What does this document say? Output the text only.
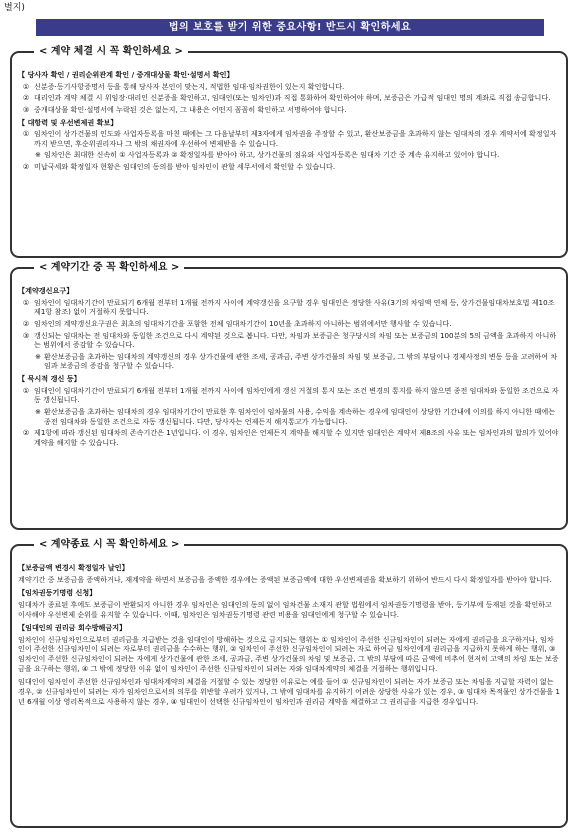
별지)
법의 보호를 받기 위한 중요사항! 반드시 확인하세요
< 계약 체결 시 꼭 확인하세요 >
【 당사자 확인 / 권리순위관계 확인 / 중개대상물 확인·설명서 확인】
① 신분증·등기사항증명서 등을 통해 당사자 본인이 맞는지, 적법한 임대·임차권한이 있는지 확인합니다.
② 대리인과 계약 체결 시 위임장·대리인 신분증을 확인하고, 임대인(또는 임차인)과 직접 통화하여 확인하여야 하며, 보증금은 가급적 임대인 명의 계좌로 직접 송금합니다.
③ 중개대상물 확인·설명서에 누락된 것은 없는지, 그 내용은 어떤지 꼼꼼히 확인하고 서명하여야 합니다.
【 대항력 및 우선변제권 확보】
① 임차인이 상가건물의 인도와 사업자등록을 마친 때에는 그 다음날부터 제3자에게 임차권을 주장할 수 있고, 환산보증금을 초과하지 않는 임대차의 경우 계약서에 확정일자까지 받으면, 후순위권리자나 그 밖의 채권자에 우선하여 변제받을 수 있습니다.
※ 임차인은 최대한 신속히 ① 사업자등록과 ② 확정일자를 받아야 하고, 상가건물의 점유와 사업자등록은 임대차 기간 중 계속 유지하고 있어야 합니다.
② 미납국세와 확정일자 현황은 임대인의 동의를 받아 임차인이 관할 세무서에서 확인할 수 있습니다.
< 계약기간 중 꼭 확인하세요 >
【계약갱신요구】
① 임차인이 임대차기간이 만료되기 6개월 전부터 1개월 전까지 사이에 계약갱신을 요구할 경우 임대인은 정당한 사유(3기의 차임액 연체 등, 상가건물임대차보호법 제10조제1항 참조) 없이 거절하지 못합니다.
② 임차인의 계약갱신요구권은 최초의 임대차기간을 포함한 전체 임대차기간이 10년을 초과하지 아니하는 범위에서만 행사할 수 있습니다.
③ 갱신되는 임대차는 전 임대차와 동일한 조건으로 다시 계약된 것으로 봅니다. 다만, 차임과 보증금은 청구당시의 차임 또는 보증금의 100분의 5의 금액을 초과하지 아니하는 범위에서 증감할 수 있습니다.
※ 환산보증금을 초과하는 임대차의 계약갱신의 경우 상가건물에 관한 조세, 공과금, 주변 상가건물의 차임 및 보증금, 그 밖의 부담이나 경제사정의 변동 등을 고려하여 차임과 보증금의 증감을 청구할 수 있습니다.
【 묵시적 갱신 등】
① 임대인이 임대차기간이 만료되기 6개월 전부터 1개월 전까지 사이에 임차인에게 갱신 거절의 통지 또는 조건 변경의 통지를 하지 않으면 종전 임대차와 동일한 조건으로 자동 갱신됩니다.
※ 환산보증금을 초과하는 임대차의 경우 임대차기간이 만료한 후 임차인이 임차물의 사용, 수익을 계속하는 경우에 임대인이 상당한 기간내에 이의를 하지 아니한 때에는 종전 임대차와 동일한 조건으로 자동 갱신됩니다. 다만, 당사자는 언제든지 해지통고가 가능합니다.
② 제1항에 따라 갱신된 임대차의 존속기간은 1년입니다. 이 경우, 임차인은 언제든지 계약을 해지할 수 있지만 임대인은 계약서 제8조의 사유 또는 임차인과의 합의가 있어야 계약을 해지할 수 있습니다.
< 계약종료 시 꼭 확인하세요 >
【보증금액 변경시 확정일자 날인】
계약기간 중 보증금을 증액하거나, 재계약을 하면서 보증금을 증액한 경우에는 증액된 보증금액에 대한 우선변제권을 확보하기 위하여 반드시 다시 확정일자를 받아야 합니다.
【임차권등기명령 신청】
임대차가 종료된 후에도 보증금이 반환되지 아니한 경우 임차인은 임대인의 동의 없이 임차건물 소재지 관할 법원에서 임차권등기명령을 받아, 등기부에 등재된 것을 확인하고 이사해야 우선변제 순위를 유지할 수 있습니다. 이때, 임차인은 임차권등기명령 관련 비용을 임대인에게 청구할 수 있습니다.
【임대인의 권리금 회수방해금지】
임차인이 신규임차인으로부터 권리금을 지급받는 것을 임대인이 방해하는 것으로 금지되는 행위는 ① 임차인이 주선한 신규임차인이 되려는 자에게 권리금을 요구하거나, 임차인이 주선한 신규임차인이 되려는 자로부터 권리금을 수수하는 행위, ② 임차인이 주선한 신규임차인이 되려는 자로 하여금 임차인에게 권리금을 지급하지 못하게 하는 행위, ③ 임차인이 주선한 신규임차인이 되려는 자에게 상가건물에 관한 조세, 공과금, 주변 상가건물의 차임 및 보증금, 그 밖의 부담에 따른 금액에 비추어 현저히 고액의 차임 또는 보증금을 요구하는 행위, ④ 그 밖에 정당한 이유 없이 임차인이 주선한 신규임차인이 되려는 자와 임대차계약의 체결을 거절하는 행위입니다.
임대인이 임차인이 주선한 신규임차인과 임대차계약의 체결을 거절할 수 있는 정당한 이유로는 예를 들어 ① 신규임차인이 되려는 자가 보증금 또는 차임을 지급할 자력이 없는 경우, ② 신규임차인이 되려는 자가 임차인으로서의 의무를 위반할 우려가 있거나, 그 밖에 임대차를 유지하기 어려운 상당한 사유가 있는 경우, ③ 임대차 목적물인 상가건물을 1년 6개월 이상 영리목적으로 사용하지 않는 경우, ④ 임대인이 선택한 신규임차인이 임차인과 권리금 계약을 체결하고 그 권리금을 지급한 경우입니다.
